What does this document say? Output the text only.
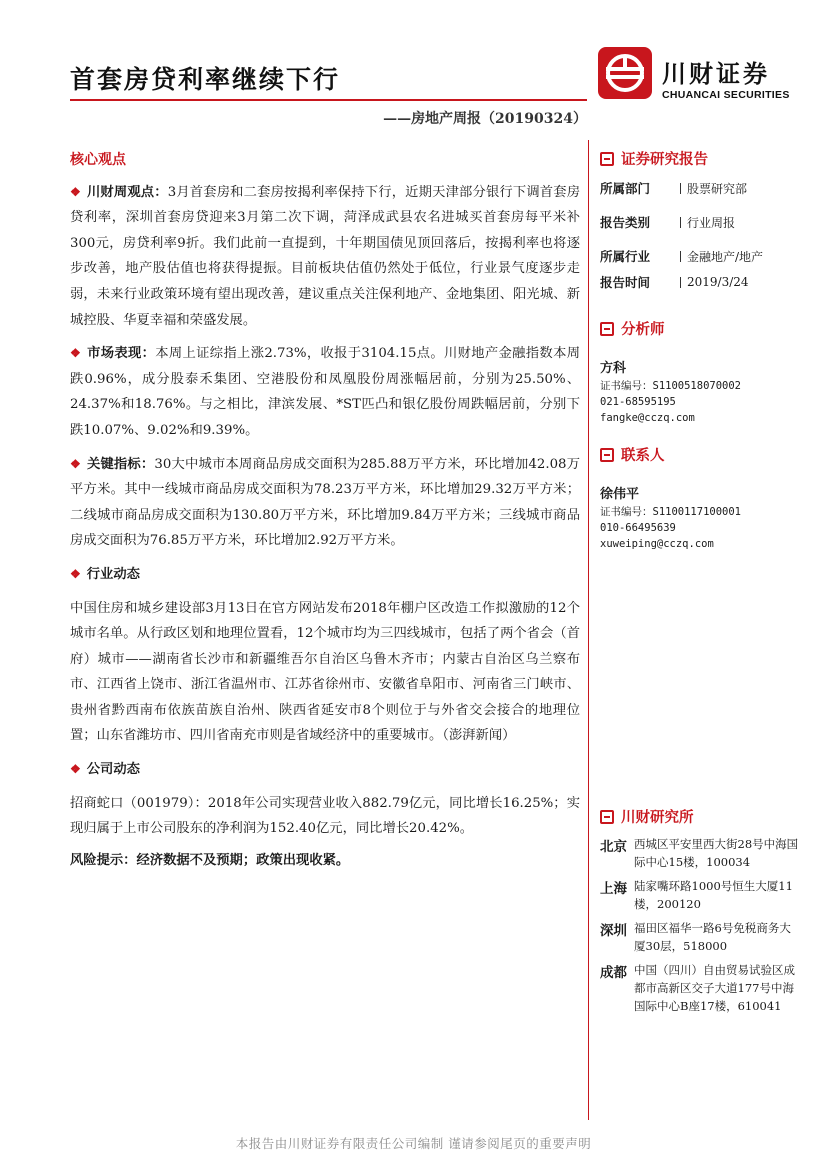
首套房贷利率继续下行
——房地产周报（20190324）
川财证券
CHUANCAI SECURITIES
核心观点

❖ 川财周观点：3月首套房和二套房按揭利率保持下行，近期天津部分银行下调首套房贷利率，深圳首套房贷迎来3月第二次下调，菏泽成武县农名进城买首套房每平米补300元，房贷利率9折。我们此前一直提到，十年期国债见顶回落后，按揭利率也将逐步改善，地产股估值也将获得提振。目前板块估值仍然处于低位，行业景气度逐步走弱，未来行业政策环境有望出现改善，建议重点关注保利地产、金地集团、阳光城、新城控股、华夏幸福和荣盛发展。

❖ 市场表现：本周上证综指上涨2.73%，收报于3104.15点。川财地产金融指数本周跌0.96%，成分股泰禾集团、空港股份和凤凰股份周涨幅居前，分别为25.50%、24.37%和18.76%。与之相比，津滨发展、*ST匹凸和银亿股份周跌幅居前，分别下跌10.07%、9.02%和9.39%。

❖ 关键指标：30大中城市本周商品房成交面积为285.88万平方米，环比增加42.08万平方米。其中一线城市商品房成交面积为78.23万平方米，环比增加29.32万平方米；二线城市商品房成交面积为130.80万平方米，环比增加9.84万平方米；三线城市商品房成交面积为76.85万平方米，环比增加2.92万平方米。

❖ 行业动态

中国住房和城乡建设部3月13日在官方网站发布2018年棚户区改造工作拟激励的12个城市名单。从行政区划和地理位置看，12个城市均为三四线城市，包括了两个省会（首府）城市——湖南省长沙市和新疆维吾尔自治区乌鲁木齐市；内蒙古自治区乌兰察布市、江西省上饶市、浙江省温州市、江苏省徐州市、安徽省阜阳市、河南省三门峡市、贵州省黔西南布依族苗族自治州、陕西省延安市8个则位于与外省交会接合的地理位置；山东省潍坊市、四川省南充市则是省域经济中的重要城市。（澎湃新闻）

❖ 公司动态

招商蛇口（001979）：2018年公司实现营业收入882.79亿元，同比增长16.25%；实现归属于上市公司股东的净利润为152.40亿元，同比增长20.42%。

风险提示：经济数据不及预期；政策出现收紧。
证券研究报告
所属部门	股票研究部
报告类别	行业周报
所属行业	金融地产/地产
报告时间	2019/3/24
分析师
方科
证书编号：S1100518070002
021-68595195
fangke@cczq.com
联系人
徐伟平
证书编号：S1100117100001
010-66495639
xuweiping@cczq.com
川财研究所
北京 西城区平安里西大街28号中海国际中心15楼，100034
上海 陆家嘴环路1000号恒生大厦11楼，200120
深圳 福田区福华一路6号免税商务大厦30层，518000
成都 中国（四川）自由贸易试验区成都市高新区交子大道177号中海国际中心B座17楼，610041
本报告由川财证券有限责任公司编制 谨请参阅尾页的重要声明
